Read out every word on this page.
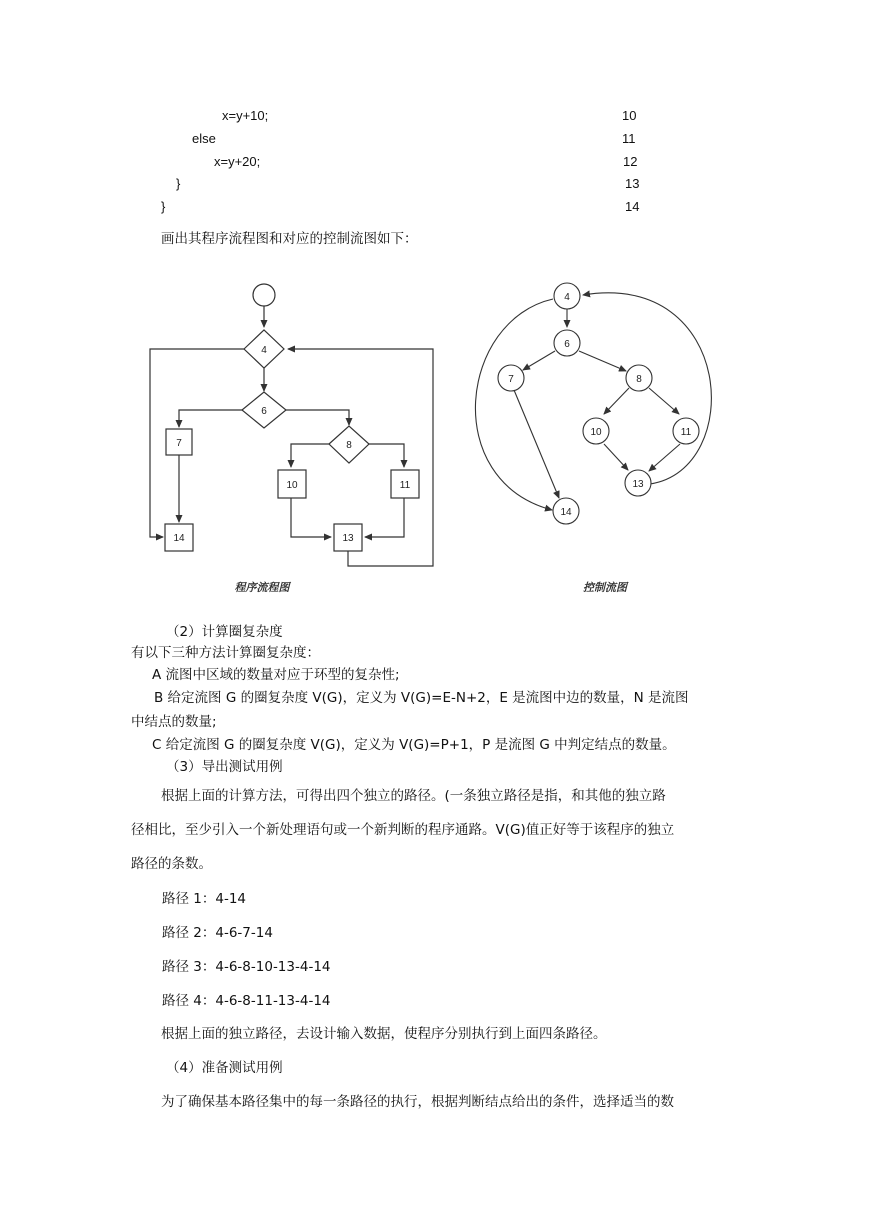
x=y+10;	10
else	11
x=y+20;	12
}	13
}	14
画出其程序流程图和对应的控制流图如下：
4
6
7	8
10	11
13
14
程序流程图
4
6
7	8
10	11
13
14
控制流图
（2）计算圈复杂度
有以下三种方法计算圈复杂度：
A 流图中区域的数量对应于环型的复杂性;
B 给定流图 G 的圈复杂度 V(G)，定义为 V(G)=E-N+2，E 是流图中边的数量，N 是流图
中结点的数量;
C 给定流图 G 的圈复杂度 V(G)，定义为 V(G)=P+1，P 是流图 G 中判定结点的数量。
（3）导出测试用例
根据上面的计算方法，可得出四个独立的路径。(一条独立路径是指，和其他的独立路
径相比，至少引入一个新处理语句或一个新判断的程序通路。V(G)值正好等于该程序的独立
路径的条数。
路径 1：4-14
路径 2：4-6-7-14
路径 3：4-6-8-10-13-4-14
路径 4：4-6-8-11-13-4-14
根据上面的独立路径，去设计输入数据，使程序分别执行到上面四条路径。
（4）准备测试用例
为了确保基本路径集中的每一条路径的执行，根据判断结点给出的条件，选择适当的数
